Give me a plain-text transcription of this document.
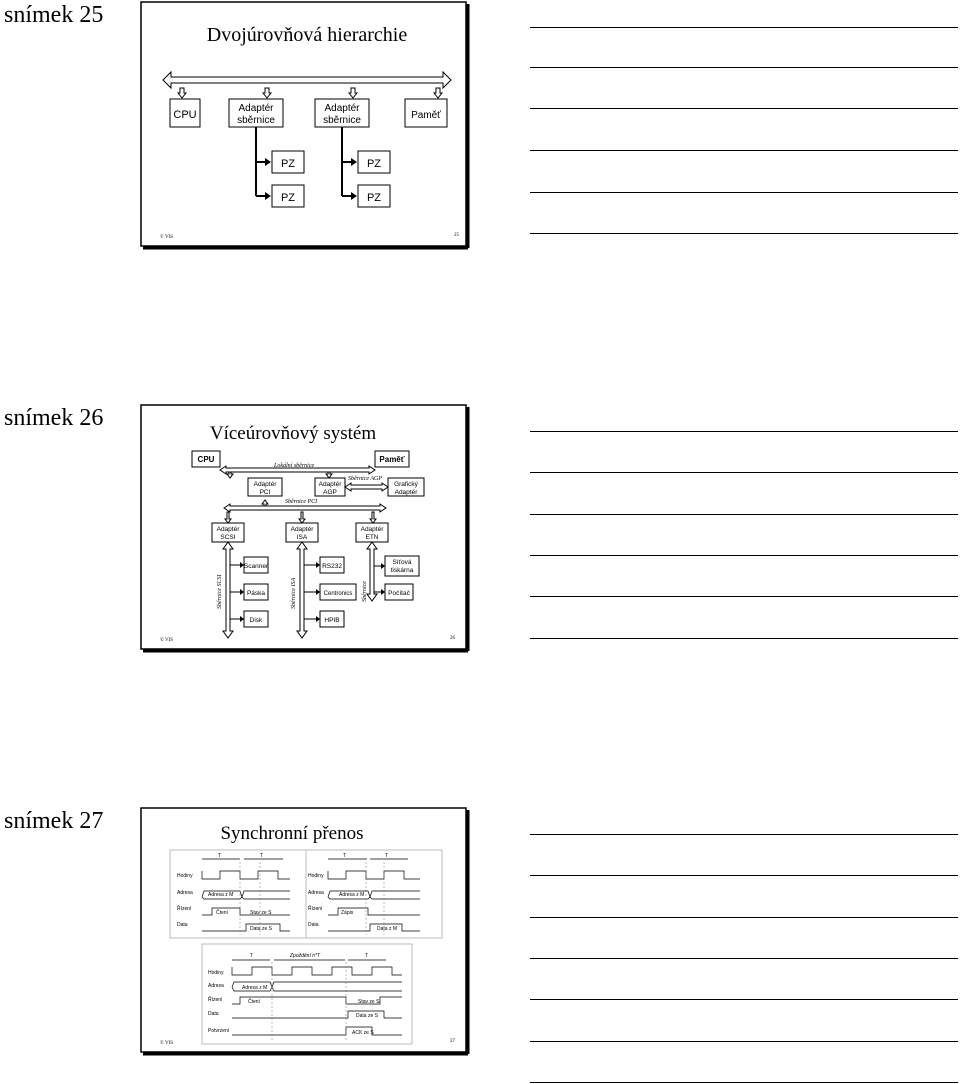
snímek 25
Dvojúrovňová hierarchie
CPU
Adaptér
sběrnice
Adaptér
sběrnice	Paměť
PZ
PZ
PZ
PZ
© VIS	25
snímek 26
Víceúrovňový systém
CPU	Paměť
Lokální sběrnice
Adaptér
PCI
Adaptér
AGP
Grafický
Adaptér
Sběrnice AGP
Sběrnice PCI
Adaptér
SCSI
Adaptér
ISA
Adaptér
ETN
Sběrnice SCSI	Sběrnice ISA	Sběrnice
Scanner
Páska
Disk
RS232
Centronics
HPIB
Síťová
tiskárna
Počítač
© VIS	26
snímek 27	Synchronní přenos
T	T	T	T
Hodiny
Adresa
Řízení
Data
Hodiny
Adresa
Řízení
Data
Adresa z M	Adresa z M
Čtení	Stav ze S	Zápis
Data ze S	Data z M
T	Zpoždění n*T	T
Hodiny
Adresa
Řízení
Data
Potvrzení
Adresa z M
Čtení	Stav ze S
Data ze S
ACK ze S
© VIS	27
